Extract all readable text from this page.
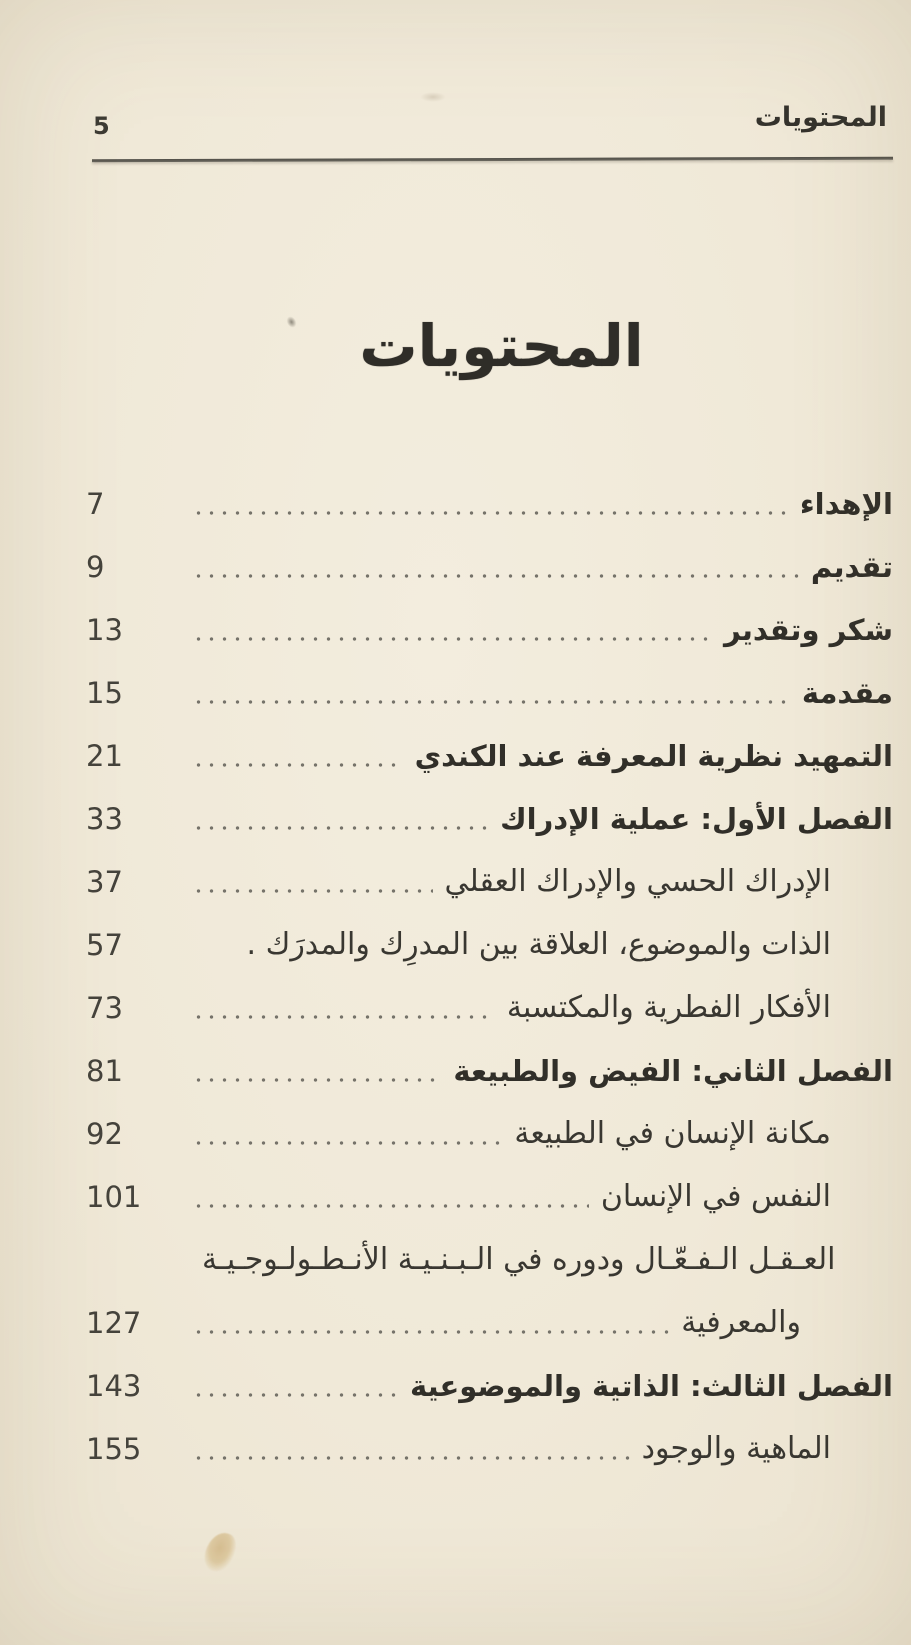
5	المحتويات
المحتويات
7	الإهداء
9	تقديم
13	شكر وتقدير
15	مقدمة
21	التمهيد نظرية المعرفة عند الكندي
33	الفصل الأول: عملية الإدراك
37	الإدراك الحسي والإدراك العقلي
57	الذات والموضوع، العلاقة بين المدرِك والمدرَك .
73	الأفكار الفطرية والمكتسبة
81	الفصل الثاني: الفيض والطبيعة
92	مكانة الإنسان في الطبيعة
101	النفس في الإنسان
العـقـل الـفـعّـال ودوره في الـبـنـيـة الأنـطـولـوجـيـة
127	والمعرفية
143	الفصل الثالث: الذاتية والموضوعية
155	الماهية والوجود
